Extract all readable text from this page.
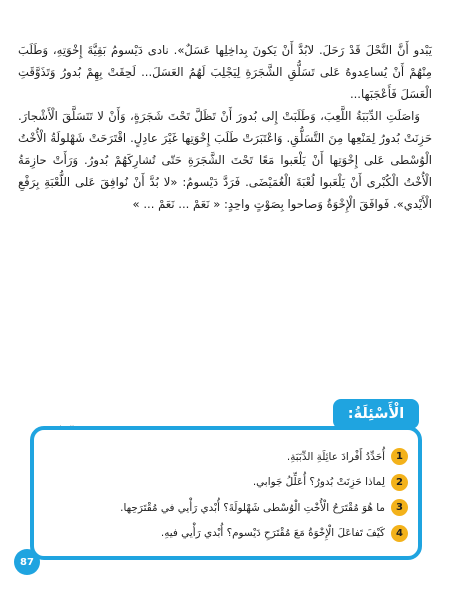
يَبْدو أَنَّ النَّحْلَ قَدْ رَحَلَ. لابُدَّ أَنْ يَكونَ بِداخِلِها عَسَلٌ». نادى دَيْسومُ بَقِيَّةَ إِخْوَتِهِ، وَطَلَبَ مِنْهُمْ أَنْ يُساعِدوهُ عَلى تَسَلُّقِ الشَّجَرَةِ لِيَجْلِبَ لَهُمُ العَسَلَ... لَحِقَتْ بِهِمْ بُدورُ وَتَذَوَّقَتِ الْعَسَلَ فَأَعْجَبَها...

وَاصَلَتِ الدِّبَبَةُ اللَّعِبَ، وَطَلَبَتْ إِلى بُدورَ أَنْ تَظَلَّ تَحْتَ شَجَرَةٍ، وَأَنْ لا تَتَسَلَّقَ الْأَشْجارَ. حَزِنَتْ بُدورُ لِمَنْعِها مِنَ التَّسَلُّقِ. وَاعْتَبَرَتْ طَلَبَ إِخْوَتِها غَيْرَ عادِلٍ. اقْتَرَحَتْ شَهْلولَةُ الْأُخْتُ الْوُسْطى عَلى إِخْوَتِها أَنْ يَلْعَبوا مَعًا تَحْتَ الشَّجَرَةِ حَتّى تُشارِكَهُمْ بُدورُ. وَرَأَتْ حازِمَةُ الْأُخْتُ الْكُبْرى أَنْ يَلْعَبوا لُعْبَةَ الْغُمَيْضَى. فَرَدَّ دَيْسومُ: «لا بُدَّ أَنْ نُوافِقَ عَلى اللُّعْبَةِ بِرَفْعِ الْأَيْدي». فَوافَقَ الْإِخْوَةُ وَصاحوا بِصَوْتٍ واحِدٍ: « نَعَمْ ... نَعَمْ ... »

1
أُحَدِّدُ أَفْرادَ عائِلَةِ الدِّبَبَةِ.
2
لِماذا حَزِنَتْ بُدورُ؟ أُعَلِّلُ جَوابي.
3
ما هُوَ مُقْتَرَحُ الْأُخْتِ الْوُسْطى شَهْلولَةَ؟ أُبْدي رَأْيي في مُقْتَرَحِها.
4
كَيْفَ تَفاعَلَ الْإِخْوَةُ مَعَ مُقْتَرَحِ دَيْسوم؟ أُبْدي رَأْيي فيهِ.
الْأَسْئِلَةُ:
87
